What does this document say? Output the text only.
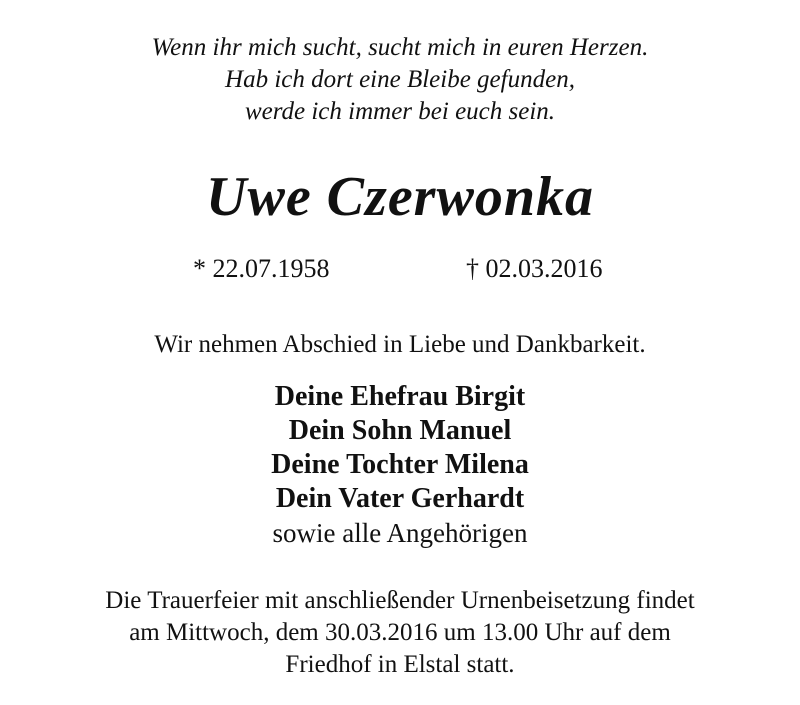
Wenn ihr mich sucht, sucht mich in euren Herzen.
Hab ich dort eine Bleibe gefunden,
werde ich immer bei euch sein.
Uwe Czerwonka
* 22.07.1958	† 02.03.2016
Wir nehmen Abschied in Liebe und Dankbarkeit.
Deine Ehefrau Birgit
Dein Sohn Manuel
Deine Tochter Milena
Dein Vater Gerhardt
sowie alle Angehörigen
Die Trauerfeier mit anschließender Urnenbeisetzung findet
am Mittwoch, dem 30.03.2016 um 13.00 Uhr auf dem
Friedhof in Elstal statt.
